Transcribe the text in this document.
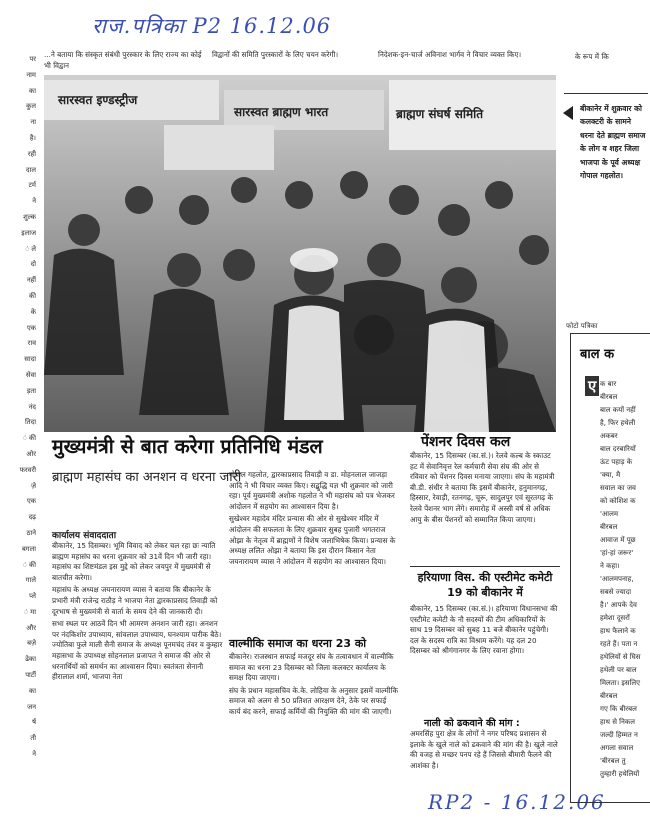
राज.पत्रिका P2 16.12.06
RP2 - 16.12.06
पर
नाम
का
कुल
ना
है।
रही
दाल
टर्म
ने
शुल्क
इलाज
ं ले
दो
नहीं
की
के
एक
राव
सादा
सेवा
ड़ता
नंद
तिदा
ं की
ओर
फरवरी
ज़े
एक
दढ़
ठाने
बगला
ं की
गाले
प्ले
ं मा
और
बज़े
ढेका
पार्टी
का
जन
र्ष
ती
ने
...ने बताया कि संस्कृत संबंधी पुरस्कार के लिए राज्य का कोई भी विद्वान
विद्वानों की समिति पुरस्कारों के लिए चयन करेगी।	निदेशक-इन-चार्ज अविनाश भार्गव ने विचार व्यक्त किए।	के रूप में कि
सारस्वत इण्डस्ट्रीज
सारस्वत ब्राह्मण भारत	ब्राह्मण संघर्ष समिति	बीकानेर में शुक्रवार को कलक्टरी के सामने धरना देते ब्राह्मण समाज के लोग व शहर जिला भाजपा के पूर्व अध्यक्ष गोपाल गहलोत।
फोटो पत्रिका
मुख्यमंत्री से बात करेगा प्रतिनिधि मंडल
ब्राह्मण महासंघ का अनशन व धरना जारी
कार्यालय संवाददाता

बीकानेर, 15 दिसम्बर। भूमि विवाद को लेकर चल रहा छः न्याति ब्राह्मण महासंघ का धरना शुक्रवार को 31वें दिन भी जारी रहा। महासंघ का शिष्टमंडल इस मुद्दे को लेकर जयपुर में मुख्यमंत्री से बातचीत करेगा।

महासंघ के अध्यक्ष जयनारायण व्यास ने बताया कि बीकानेर के प्रभारी मंत्री राजेन्द्र राठौड़ ने भाजपा नेता द्वारकाप्रसाद तिवाड़ी को दूरभाष से मुख्यमंत्री से वार्ता के समय देने की जानकारी दी।

सभा स्थल पर आठवें दिन भी आमरण अनशन जारी रहा। अनशन पर नंदकिशोर उपाध्याय, सांवलाल उपाध्याय, घनश्याम पारीक बैठे। ज्योतिबा फुले माली सैनी समाज के अध्यक्ष पूनमचंद तंवर व कुम्हार महासभा के उपाध्यक्ष सोहनलाल प्रजापत ने समाज की ओर से धरनार्थियों को समर्थन का आश्वासन दिया। स्वतंत्रता सेनानी हीरालाल शर्मा, भाजपा नेता

गोपाल गहलोत, द्वारकाप्रसाद तिवाड़ी व डा. मोहनलाल जाजड़ा आदि ने भी विचार व्यक्त किए। सद्बुद्धि यज्ञ भी शुक्रवार को जारी रहा। पूर्व मुख्यमंत्री अशोक गहलोत ने भी महासंघ को पत्र भेजकर आंदोलन में सहयोग का आश्वासन दिया है।

सुखेश्वर महादेव मंदिर प्रन्यास की ओर से सुखेश्वर मंदिर में आंदोलन की सफलता के लिए शुक्रवार सुबह पुजारी भगतराज ओझा के नेतृत्व में ब्राह्मणों ने विशेष जलाभिषेक किया। प्रन्यास के अध्यक्ष ललित ओझा ने बताया कि इस दौरान किसान नेता जयनारायण व्यास ने आंदोलन में सहयोग का आश्वासन दिया।

वाल्मीकि समाज का धरना 23 को

बीकानेर। राजस्थान सफाई मजदूर संघ के तत्वावधान में वाल्मीकि समाज का धरना 23 दिसम्बर को जिला कलक्टर कार्यालय के समक्ष दिया जाएगा।

संघ के प्रधान महासचिव के.के. लोहिया के अनुसार इसमें वाल्मीकि समाज को अलग से 50 प्रतिशत आरक्षण देने, ठेके पर सफाई कार्य बंद करने, सफाई कर्मियों की नियुक्ति की मांग की जाएगी।

पेंशनर दिवस कल
बीकानेर, 15 दिसम्बर (का.सं.)। रेलवे कल्ब के स्काउट हट में सेवानिवृत्त रेल कर्मचारी सेवा संघ की ओर से रविवार को पेंशनर दिवस मनाया जाएगा। संघ के महामंत्री बी.डी. संधीर ने बताया कि इसमें बीकानेर, हनुमानगढ़, हिस्सार, रेवाड़ी, रतनगढ़, चूरू, सादुलपुर एवं सूरतगढ़ के रेलवे पेंशनर भाग लेंगे। समारोह में अस्सी वर्ष से अधिक आयु के बीस पेंशनरों को सम्मानित किया जाएगा।
हरियाणा विस. की एस्टीमेट कमेटी 19 को बीकानेर में
बीकानेर, 15 दिसम्बर (का.सं.)। हरियाणा विधानसभा की एस्टीमेट कमेटी के नौ सदस्यों की टीम अधिकारियों के साथ 19 दिसम्बर को सुबह 11 बजे बीकानेर पहुंचेगी। दल के सदस्य रात्रि का विश्राम करेंगे। यह दल 20 दिसम्बर को श्रीगंगानगर के लिए रवाना होगा।
नाली को ढकवाने की मांग :
अमरसिंह पुरा क्षेत्र के लोगों ने नगर परिषद प्रशासन से इलाके के खुले नाले को ढकवाने की मांग की है। खुले नाले की वजह से मच्छर पनप रहे हैं जिससे बीमारी फैलने की आशंका है।
बाल क
ए क बार
बीरबल
बाल कयों नहीं
है, फिर हथेली
अकबर
बाल दरबारियों
ऊंट पहाड़ के
'क्या, मै
सवाल का जव
को कोशिश क
'आलम
बीरबल
आवाज में पूछ
'हां-हां जरूर'
ने कहा।
'आलमपनाह,
सबसे ज्यादा
है।' आपके देव
हमेशा दूसरों
हाथ फैलाने क
रहते हैं। पता न
हथेलियों से घिस
हथेली पर बाल
मिलता। इसलिए
बीरबल
गए कि बीरबल
हाथ से निकल
जल्दी हिम्मत न
अगला सवाल
'बीरबल तु
तुम्हारी हथेलियों
